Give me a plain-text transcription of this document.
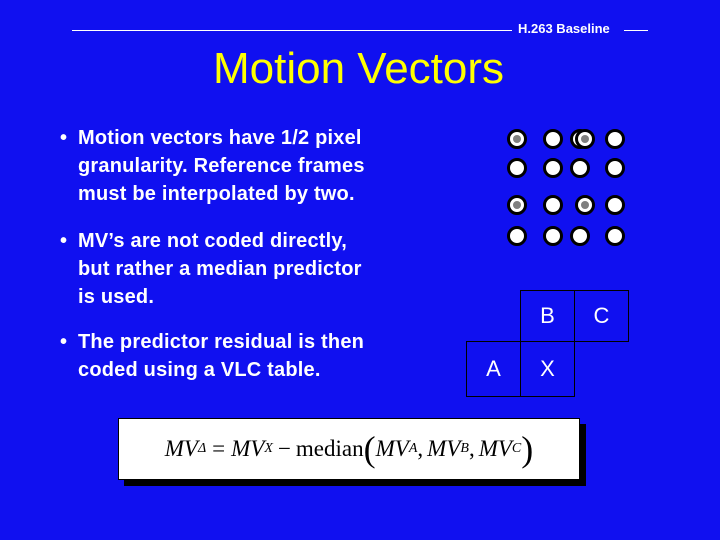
H.263 Baseline
Motion Vectors
• Motion vectors have 1/2 pixel
granularity. Reference frames
must be interpolated by two.
• MV’s are not coded directly,
but rather a median predictor
is used.
• The predictor residual is then
coded using a VLC table.
B C
A X
MV Δ = MV X − median ( MV A , MV B , MV C )
